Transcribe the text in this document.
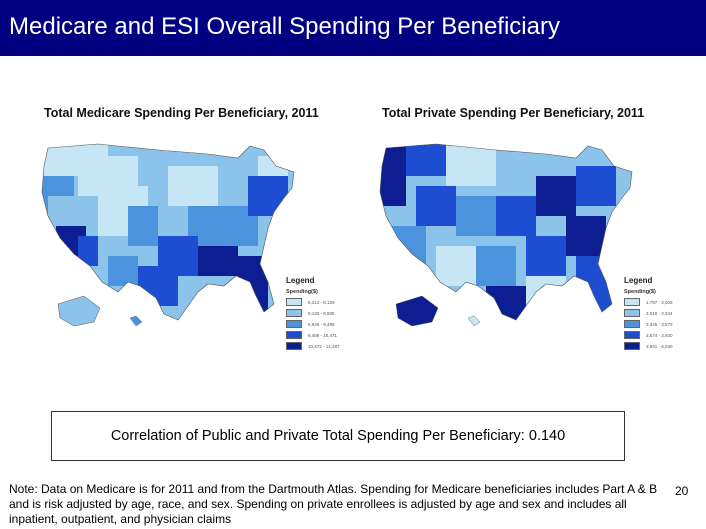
Medicare and ESI Overall Spending Per Beneficiary
Total Medicare Spending Per Beneficiary, 2011
Legend
Spending($)
6,314 - 8,129
8,130 - 8,935
8,936 - 9,488
9,489 - 10,471
10,472 - 14,487
Total Private Spending Per Beneficiary, 2011
Legend
Spending($)
1,797 - 3,009
3,010 - 3,344
3,345 - 3,573
3,574 - 3,930
3,931 - 6,030
Correlation of Public and Private Total Spending Per Beneficiary:
0.140
Note: Data on Medicare is for 2011 and from the Dartmouth Atlas. Spending for Medicare beneficiaries includes Part A & B and is risk adjusted by age, race, and sex. Spending on private enrollees is adjusted by age and sex and includes all inpatient, outpatient, and physician claims
20
